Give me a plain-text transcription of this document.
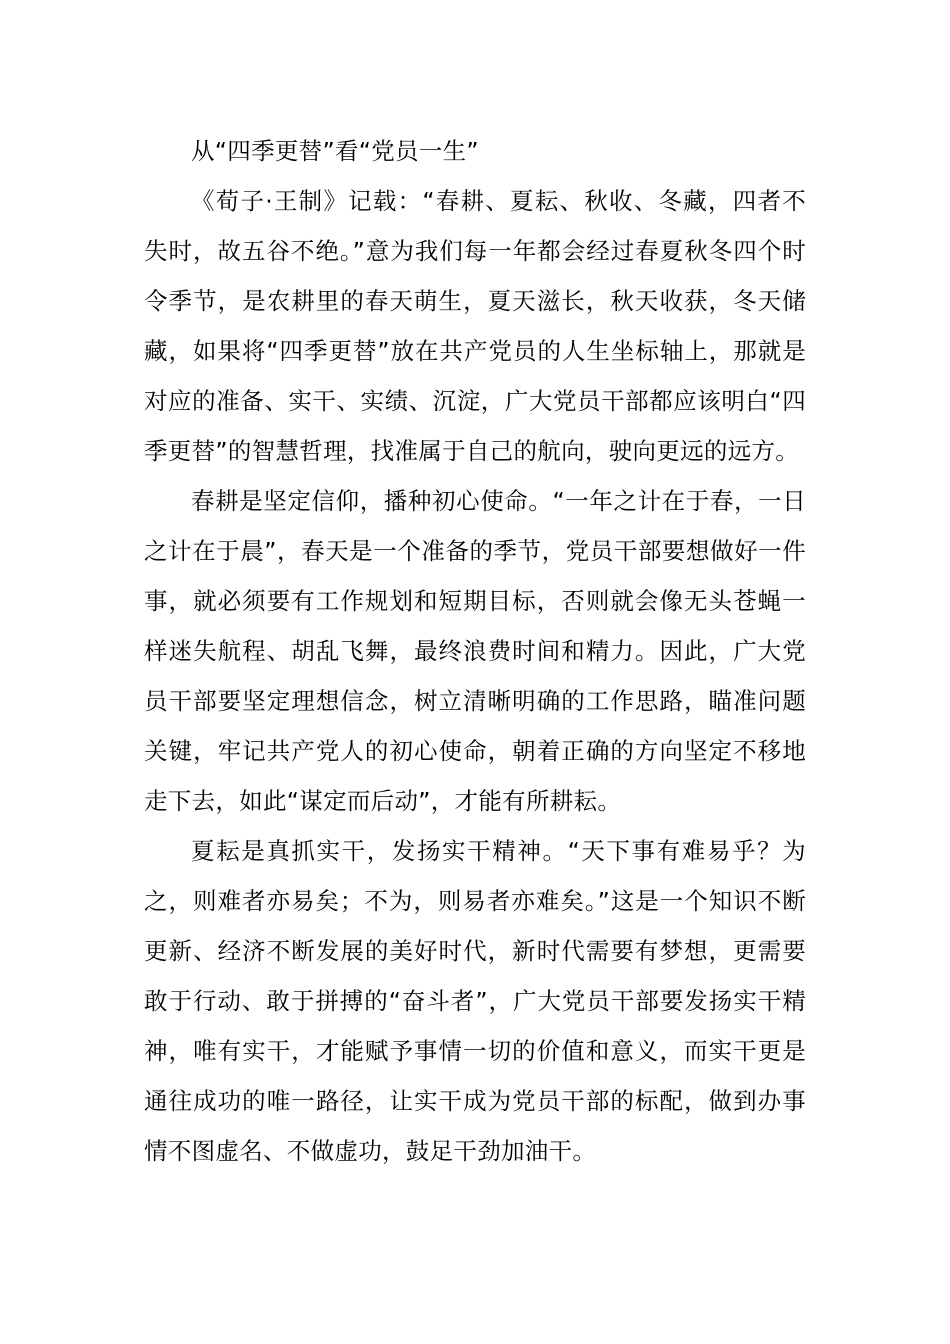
从“四季更替”看“党员一生”

《荀子·王制》记载：“春耕、夏耘、秋收、冬藏，四者不失时，故五谷不绝。”意为我们每一年都会经过春夏秋冬四个时令季节，是农耕里的春天萌生，夏天滋长，秋天收获，冬天储藏，如果将“四季更替”放在共产党员的人生坐标轴上，那就是对应的准备、实干、实绩、沉淀，广大党员干部都应该明白“四季更替”的智慧哲理，找准属于自己的航向，驶向更远的远方。

春耕是坚定信仰，播种初心使命。“一年之计在于春，一日之计在于晨”，春天是一个准备的季节，党员干部要想做好一件事，就必须要有工作规划和短期目标，否则就会像无头苍蝇一样迷失航程、胡乱飞舞，最终浪费时间和精力。因此，广大党员干部要坚定理想信念，树立清晰明确的工作思路，瞄准问题关键，牢记共产党人的初心使命，朝着正确的方向坚定不移地走下去，如此“谋定而后动”，才能有所耕耘。

夏耘是真抓实干，发扬实干精神。“天下事有难易乎？为之，则难者亦易矣；不为，则易者亦难矣。”这是一个知识不断更新、经济不断发展的美好时代，新时代需要有梦想，更需要敢于行动、敢于拼搏的“奋斗者”，广大党员干部要发扬实干精神，唯有实干，才能赋予事情一切的价值和意义，而实干更是通往成功的唯一路径，让实干成为党员干部的标配，做到办事情不图虚名、不做虚功，鼓足干劲加油干。
